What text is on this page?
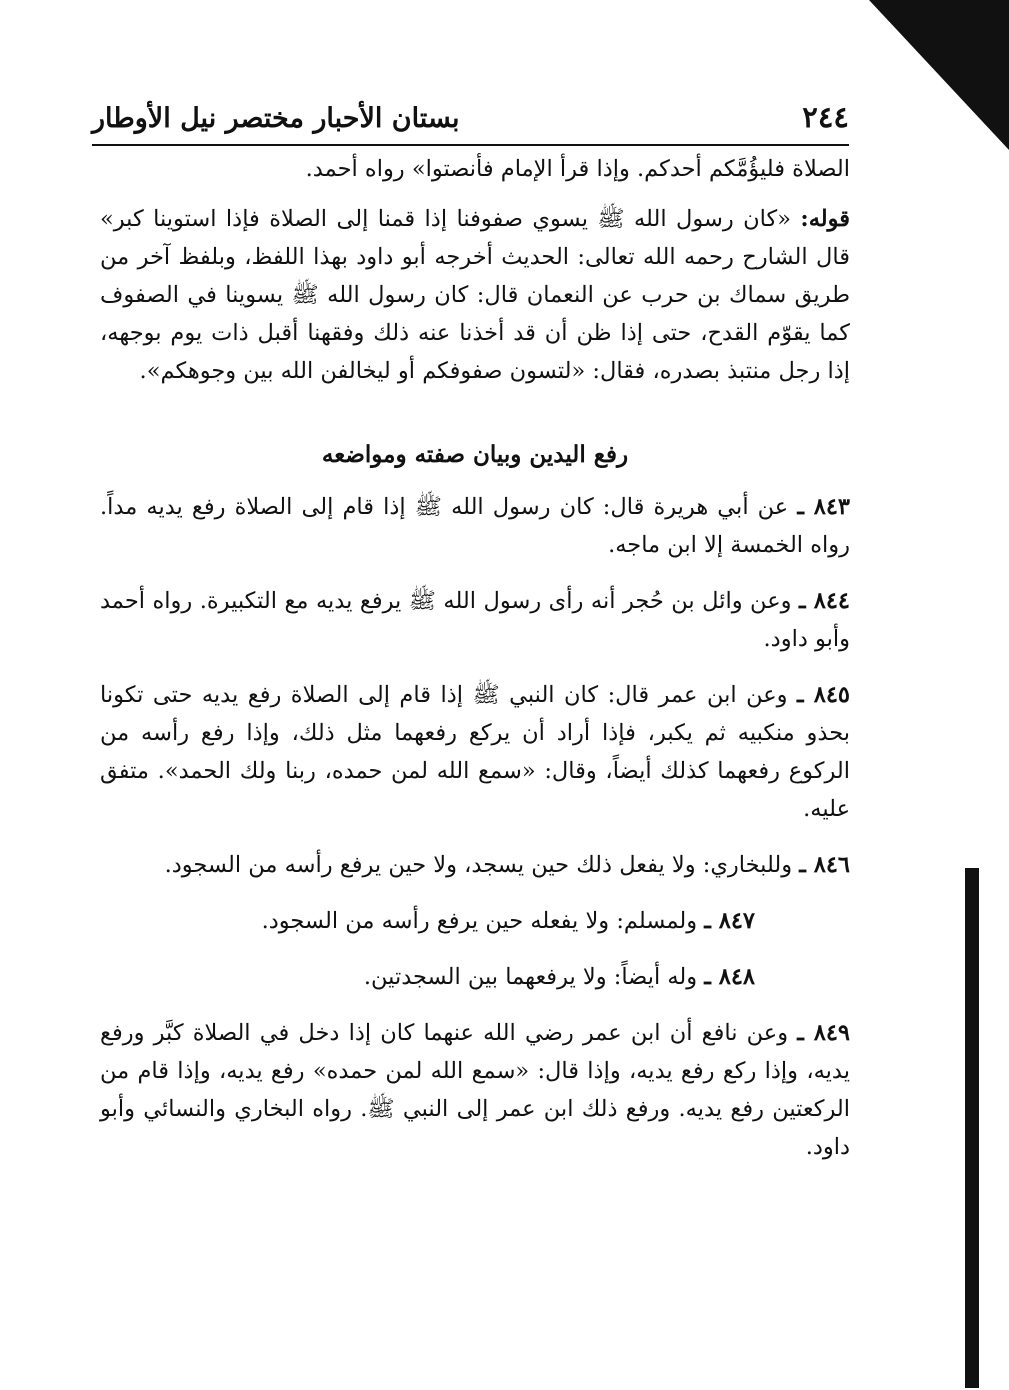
٢٤٤
بستان الأحبار مختصر نيل الأوطار

الصلاة فليؤُمَّكم أحدكم. وإذا قرأ الإمام فأنصتوا» رواه أحمد.

قوله: «كان رسول الله ﷺ يسوي صفوفنا إذا قمنا إلى الصلاة فإذا استوينا كبر» قال الشارح رحمه الله تعالى: الحديث أخرجه أبو داود بهذا اللفظ، وبلفظ آخر من طريق سماك بن حرب عن النعمان قال: كان رسول الله ﷺ يسوينا في الصفوف كما يقوّم القدح، حتى إذا ظن أن قد أخذنا عنه ذلك وفقهنا أقبل ذات يوم بوجهه، إذا رجل منتبذ بصدره، فقال: «لتسون صفوفكم أو ليخالفن الله بين وجوهكم».

رفع اليدين وبيان صفته ومواضعه

٨٤٣ ـ عن أبي هريرة قال: كان رسول الله ﷺ إذا قام إلى الصلاة رفع يديه مداً. رواه الخمسة إلا ابن ماجه.

٨٤٤ ـ وعن وائل بن حُجر أنه رأى رسول الله ﷺ يرفع يديه مع التكبيرة. رواه أحمد وأبو داود.

٨٤٥ ـ وعن ابن عمر قال: كان النبي ﷺ إذا قام إلى الصلاة رفع يديه حتى تكونا بحذو منكبيه ثم يكبر، فإذا أراد أن يركع رفعهما مثل ذلك، وإذا رفع رأسه من الركوع رفعهما كذلك أيضاً، وقال: «سمع الله لمن حمده، ربنا ولك الحمد». متفق عليه.

٨٤٦ ـ وللبخاري: ولا يفعل ذلك حين يسجد، ولا حين يرفع رأسه من السجود.

٨٤٧ ـ ولمسلم: ولا يفعله حين يرفع رأسه من السجود.

٨٤٨ ـ وله أيضاً: ولا يرفعهما بين السجدتين.

٨٤٩ ـ وعن نافع أن ابن عمر رضي الله عنهما كان إذا دخل في الصلاة كبَّر ورفع يديه، وإذا ركع رفع يديه، وإذا قال: «سمع الله لمن حمده» رفع يديه، وإذا قام من الركعتين رفع يديه. ورفع ذلك ابن عمر إلى النبي ﷺ. رواه البخاري والنسائي وأبو داود.
